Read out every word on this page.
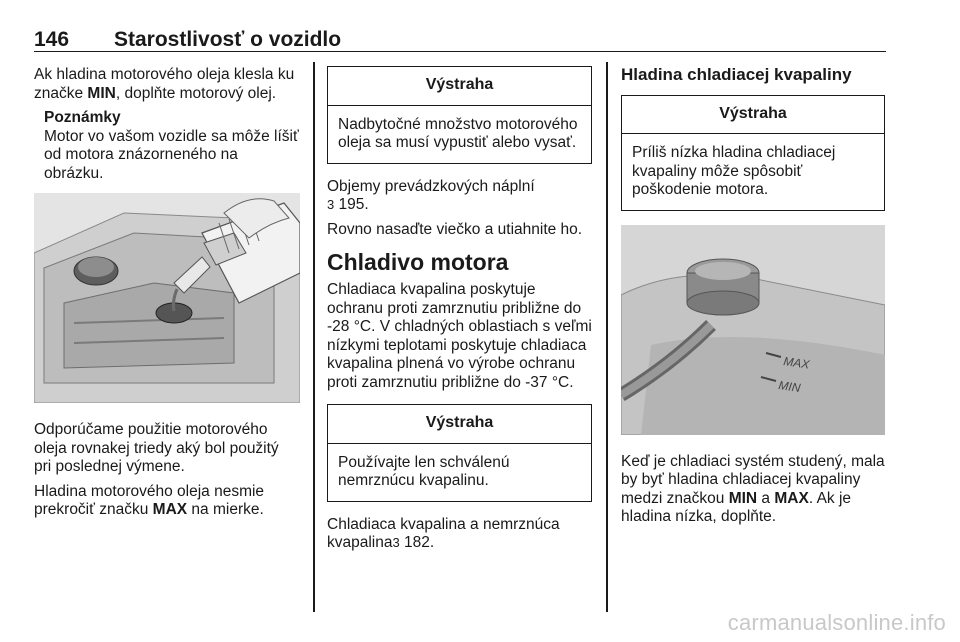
146 Starostlivosť o vozidlo

Ak hladina motorového oleja klesla ku značke MIN, doplňte motorový olej.

Poznámky
Motor vo vašom vozidle sa môže líšiť od motora znázorneného na obrázku.

Odporúčame použitie motorového oleja rovnakej triedy aký bol použitý pri poslednej výmene.

Hladina motorového oleja nesmie prekročiť značku MAX na mierke.

Výstraha
Nadbytočné množstvo motorového oleja sa musí vypustiť alebo vysať.

Objemy prevádzkových náplní
3 195.

Rovno nasaďte viečko a utiahnite ho.

Chladivo motora

Chladiaca kvapalina poskytuje ochranu proti zamrznutiu približne do -28 °C. V chladných oblastiach s veľmi nízkymi teplotami poskytuje chladiaca kvapalina plnená vo výrobe ochranu proti zamrznutiu približne do -37 °C.

Výstraha
Používajte len schválenú nemrznúcu kvapalinu.

Chladiaca kvapalina a nemrznúca kvapalina3 182.

Hladina chladiacej kvapaliny
Výstraha
Príliš nízka hladina chladiacej kvapaliny môže spôsobiť poškodenie motora.
MAX
MIN

Keď je chladiaci systém studený, mala by byť hladina chladiacej kvapaliny medzi značkou MIN a MAX. Ak je hladina nízka, doplňte.

carmanualsonline.info
